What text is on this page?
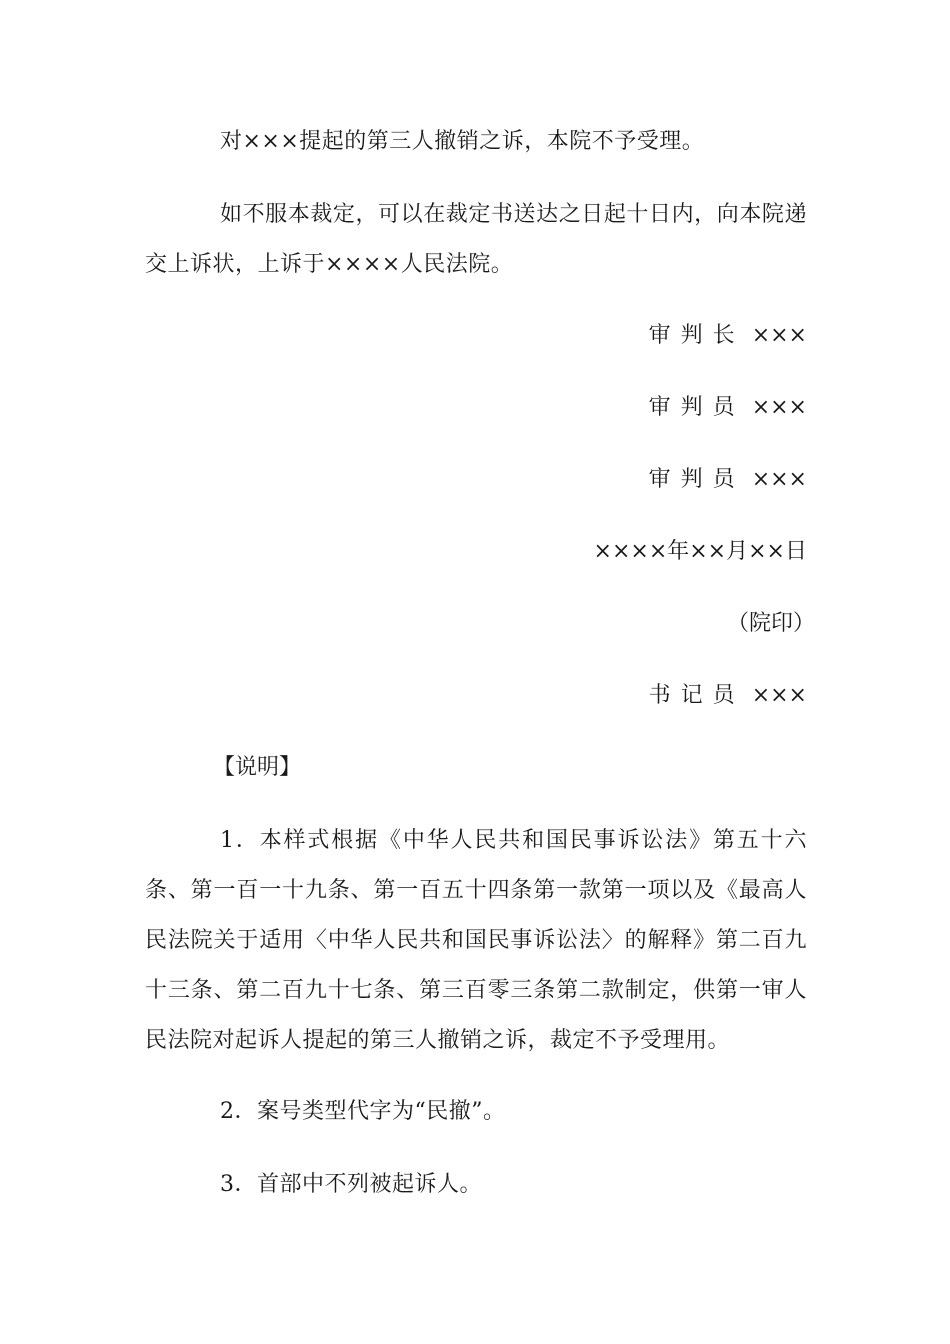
对×××提起的第三人撤销之诉，本院不予受理。

如不服本裁定，可以在裁定书送达之日起十日内，向本院递交上诉状，上诉于××××人民法院。

审判长 ×××

审判员 ×××

审判员 ×××

××××年××月××日

（院印）

书记员 ×××

【说明】

1．本样式根据《中华人民共和国民事诉讼法》第五十六条、第一百一十九条、第一百五十四条第一款第一项以及《最高人民法院关于适用〈中华人民共和国民事诉讼法〉的解释》第二百九十三条、第二百九十七条、第三百零三条第二款制定，供第一审人民法院对起诉人提起的第三人撤销之诉，裁定不予受理用。

2．案号类型代字为“民撤”。

3．首部中不列被起诉人。
